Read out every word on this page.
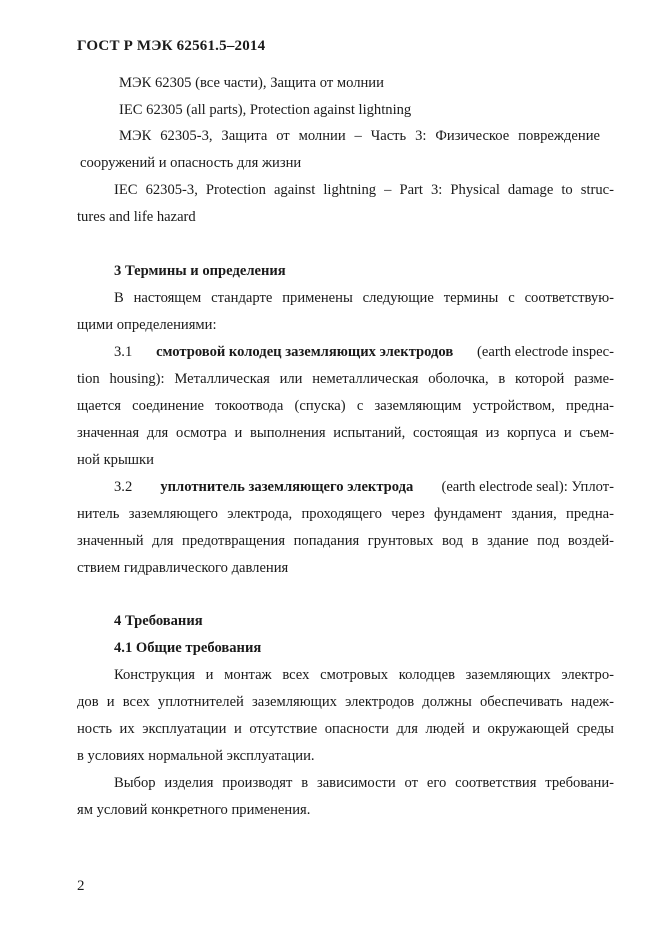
ГОСТ Р МЭК 62561.5–2014
МЭК 62305 (все части), Защита от молнии
IEC 62305 (all parts), Protection against lightning
МЭК 62305-3, Защита от молнии – Часть 3: Физическое повреждение
сооружений и опасность для жизни
IEC 62305-3, Protection against lightning – Part 3: Physical damage to struc-
tures and life hazard
3 Термины и определения
В настоящем стандарте применены следующие термины с соответствую-
щими определениями:
3.1 смотровой колодец заземляющих электродов (earth electrode inspec-
tion housing): Металлическая или неметаллическая оболочка, в которой разме-
щается соединение токоотвода (спуска) с заземляющим устройством, предна-
значенная для осмотра и выполнения испытаний, состоящая из корпуса и съем-
ной крышки
3.2 уплотнитель заземляющего электрода (earth electrode seal): Уплот-
нитель заземляющего электрода, проходящего через фундамент здания, предна-
значенный для предотвращения попадания грунтовых вод в здание под воздей-
ствием гидравлического давления
4 Требования
4.1 Общие требования
Конструкция и монтаж всех смотровых колодцев заземляющих электро-
дов и всех уплотнителей заземляющих электродов должны обеспечивать надеж-
ность их эксплуатации и отсутствие опасности для людей и окружающей среды
в условиях нормальной эксплуатации.
Выбор изделия производят в зависимости от его соответствия требовани-
ям условий конкретного применения.
2
